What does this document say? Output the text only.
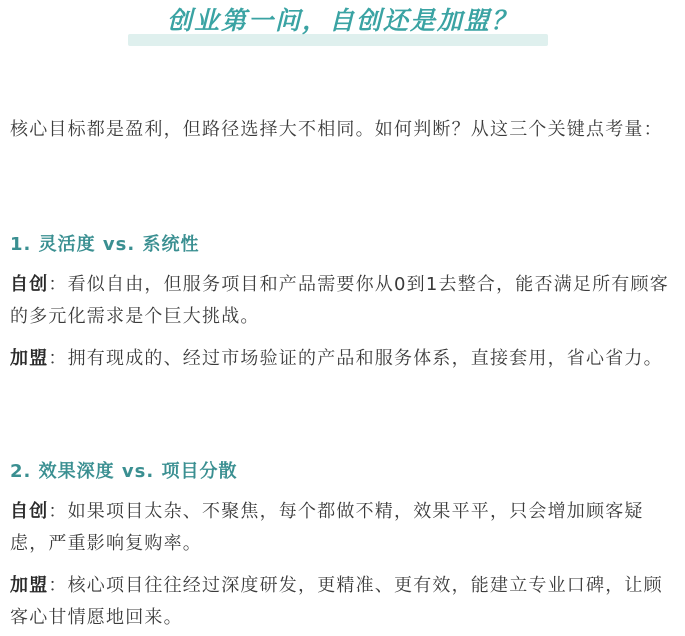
创业第一问，自创还是加盟？

核心目标都是盈利，但路径选择大不相同。如何判断？从这三个关键点考量：

1. 灵活度 vs. 系统性

自创：看似自由，但服务项目和产品需要你从0到1去整合，能否满足所有顾客的多元化需求是个巨大挑战。

加盟：拥有现成的、经过市场验证的产品和服务体系，直接套用，省心省力。

2. 效果深度 vs. 项目分散

自创：如果项目太杂、不聚焦，每个都做不精，效果平平，只会增加顾客疑虑，严重影响复购率。

加盟：核心项目往往经过深度研发，更精准、更有效，能建立专业口碑，让顾客心甘情愿地回来。
